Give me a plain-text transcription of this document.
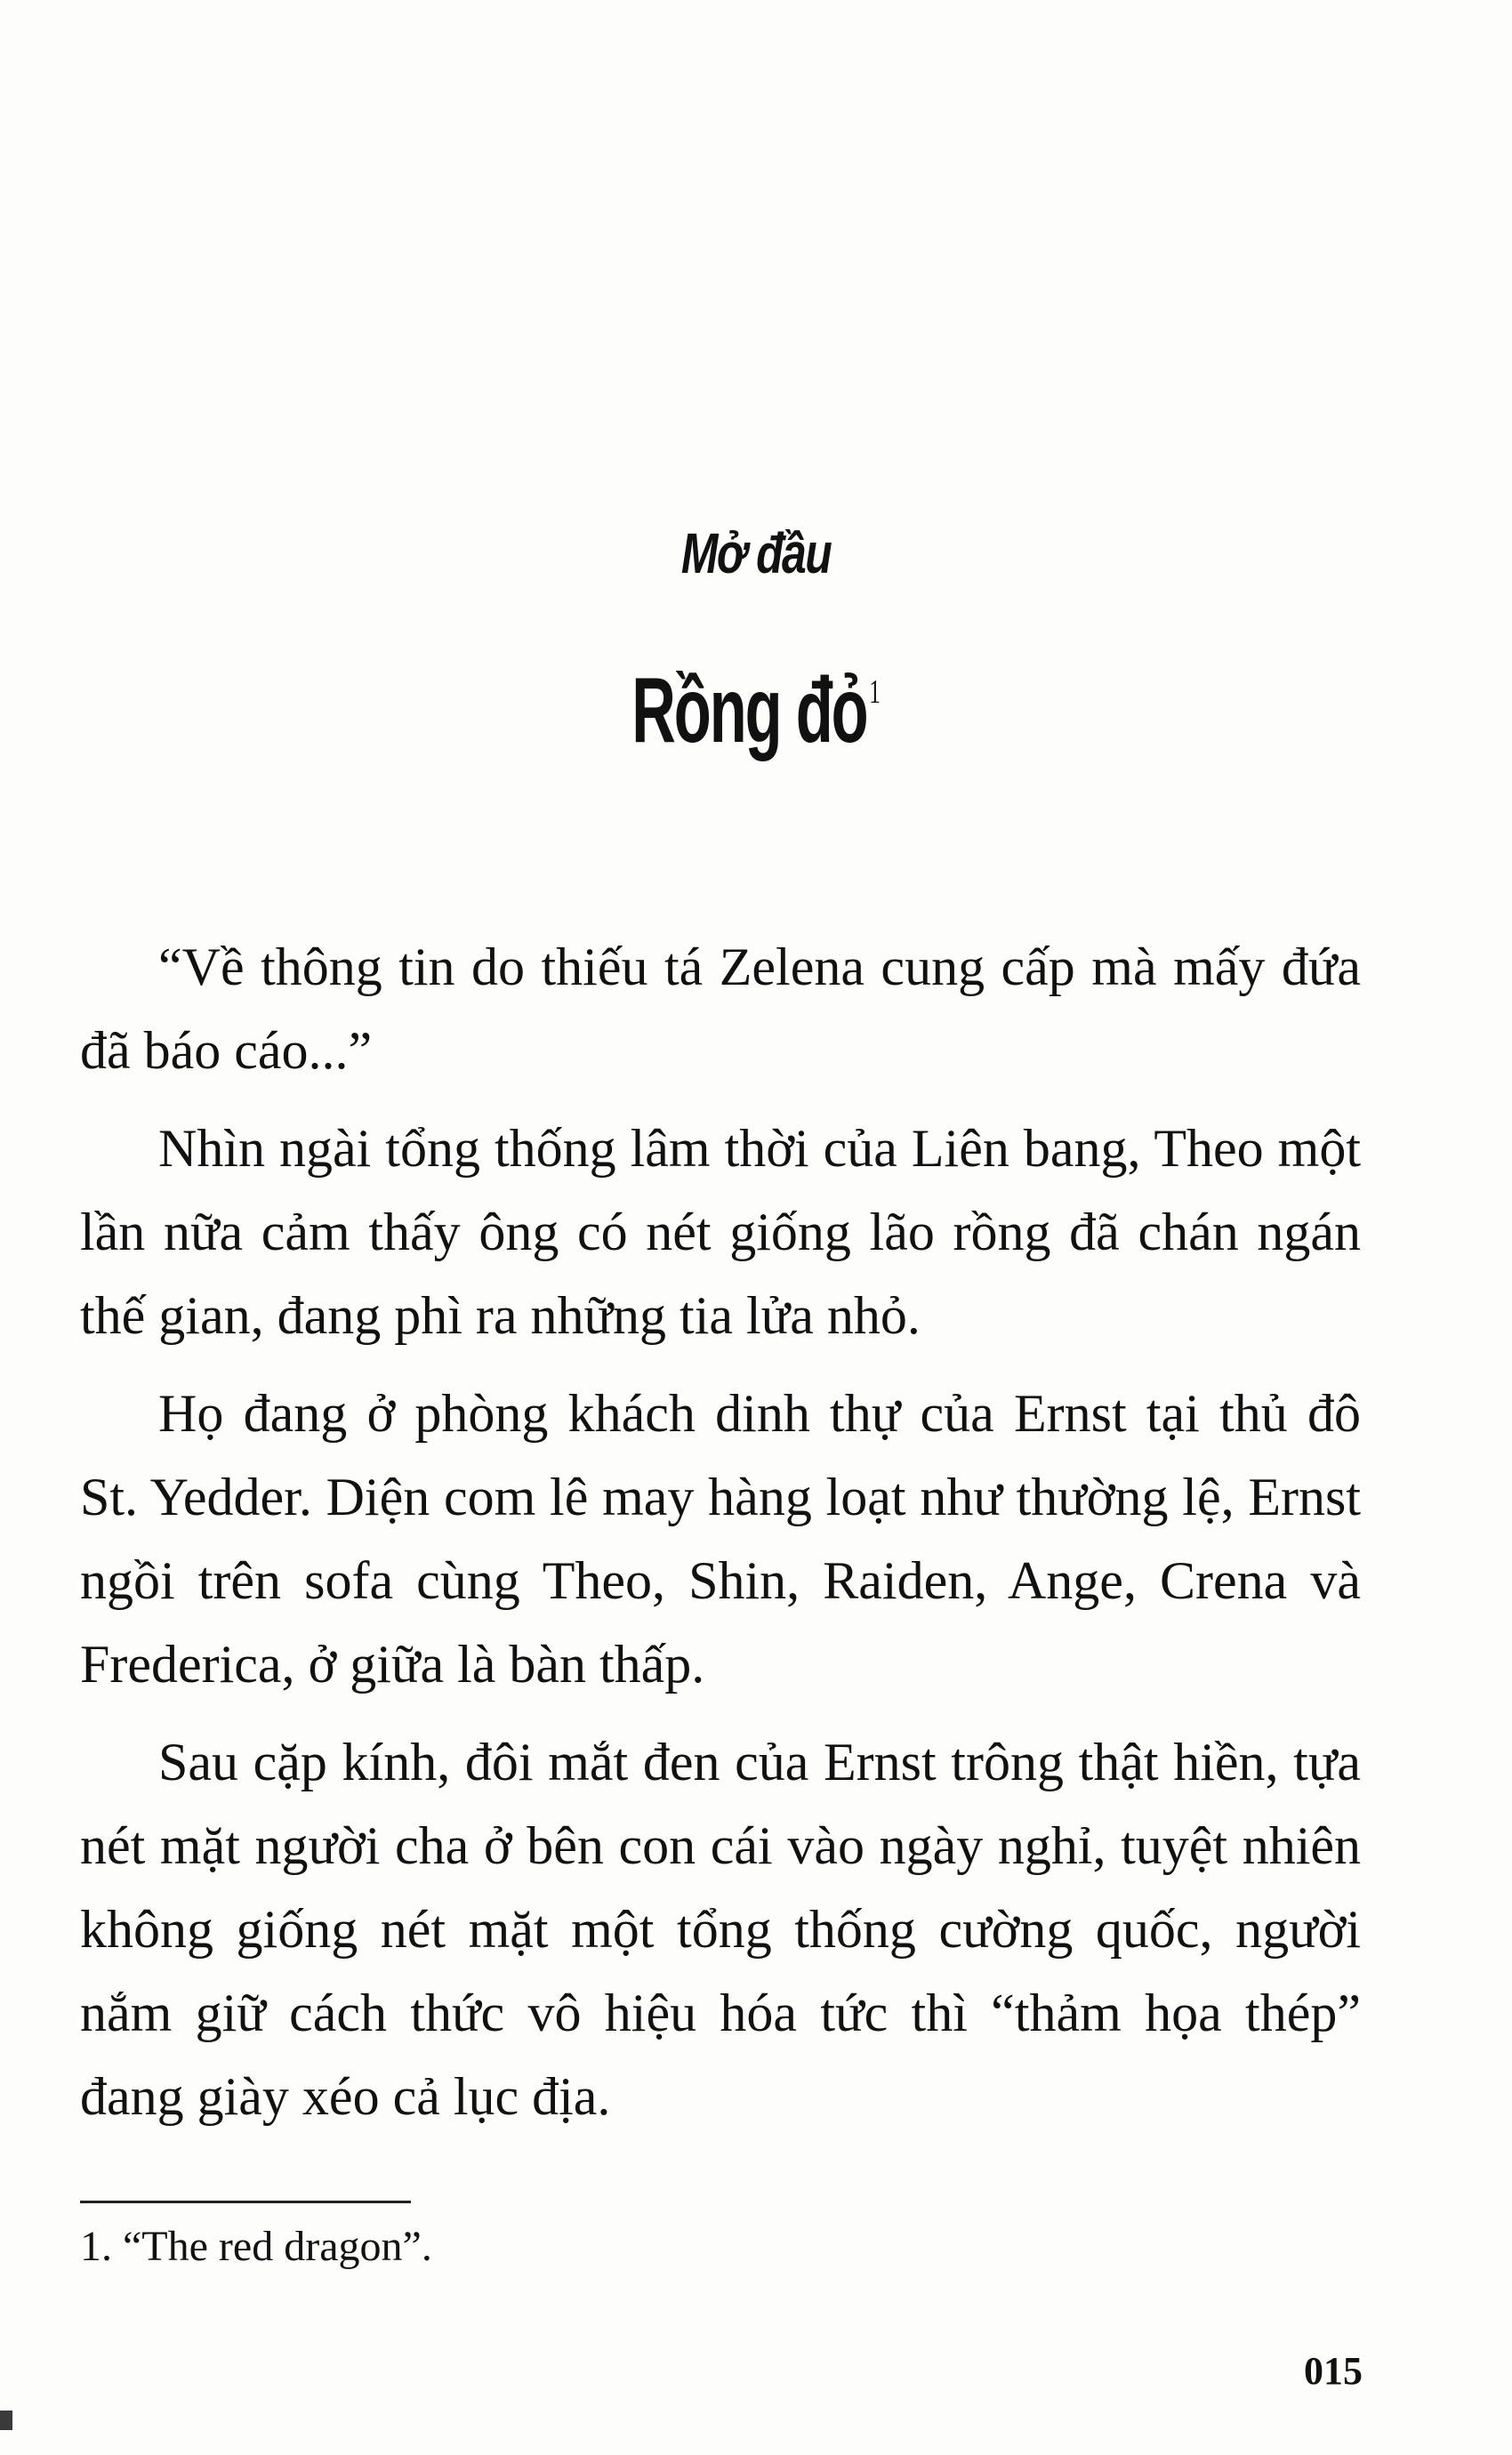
Mở đầu
Rồng đỏ$^1$

“Về thông tin do thiếu tá Zelena cung cấp mà mấy đứa đã báo cáo...”

Nhìn ngài tổng thống lâm thời của Liên bang, Theo một lần nữa cảm thấy ông có nét giống lão rồng đã chán ngán thế gian, đang phì ra những tia lửa nhỏ.

Họ đang ở phòng khách dinh thự của Ernst tại thủ đô St. Yedder. Diện com lê may hàng loạt như thường lệ, Ernst ngồi trên sofa cùng Theo, Shin, Raiden, Ange, Crena và Frederica, ở giữa là bàn thấp.

Sau cặp kính, đôi mắt đen của Ernst trông thật hiền, tựa nét mặt người cha ở bên con cái vào ngày nghỉ, tuyệt nhiên không giống nét mặt một tổng thống cường quốc, người nắm giữ cách thức vô hiệu hóa tức thì “thảm họa thép” đang giày xéo cả lục địa.

1. “The red dragon”.
015
